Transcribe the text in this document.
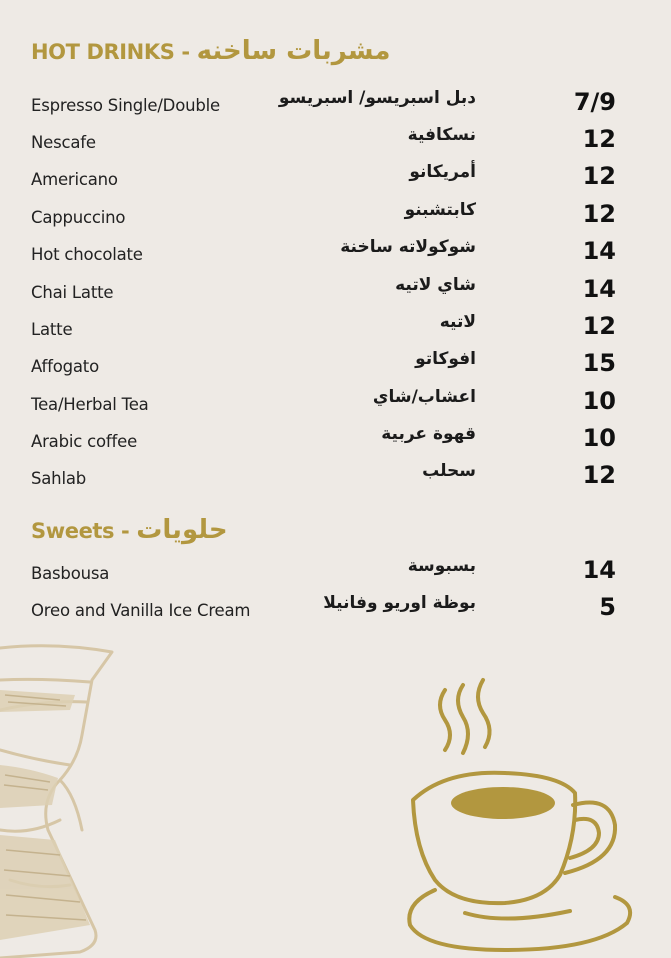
HOT DRINKS - مشربات ساخنه
Espresso Single/Double	دبل اسبريسو/ اسبريسو	7/9
Nescafe	نسكافية	12
Americano	أمريكانو	12
Cappuccino	كابتشبنو	12
Hot chocolate	شوكولاته ساخنة	14
Chai Latte	شاي لاتيه	14
Latte	لاتيه	12
Affogato	افوكاتو	15
Tea/Herbal Tea	اعشاب/شاي	10
Arabic coffee	قهوة عربية	10
Sahlab	سحلب	12
Sweets - حلويات
Basbousa	بسبوسة	14
Oreo and Vanilla Ice Cream	بوظة اوريو وفانيلا	5
